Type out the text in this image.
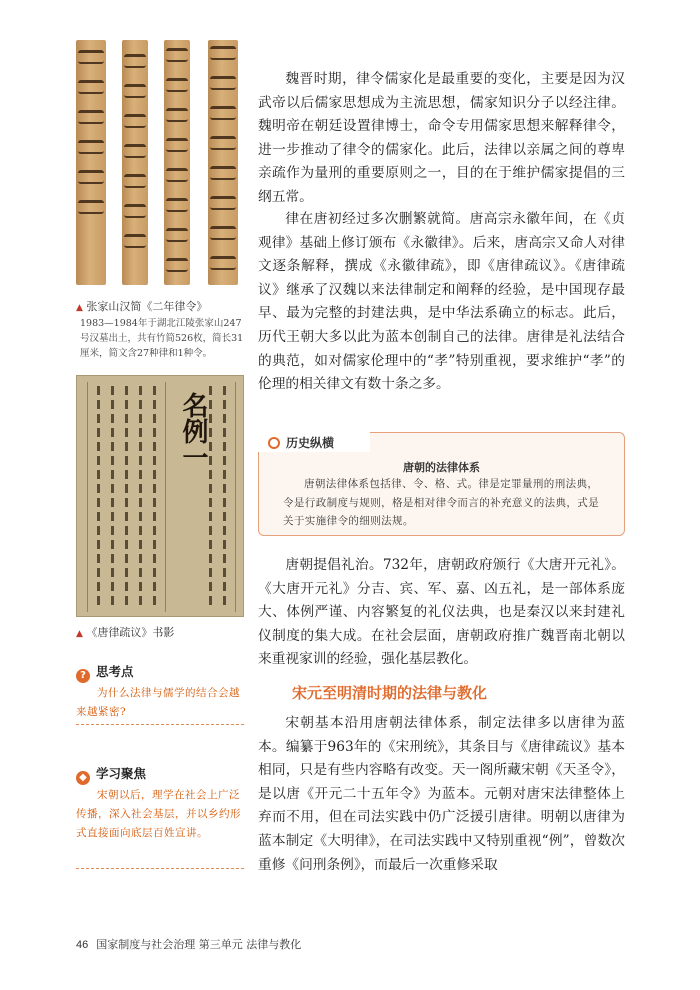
▲ 张家山汉简《二年律令》
1983—1984年于湖北江陵张家山247号汉墓出土，共有竹简526枚，简长31厘米，简文含27种律和1种令。
名例一
▲ 《唐律疏议》书影
? 思考点
为什么法律与儒学的结合会越来越紧密?
◆ 学习聚焦
宋朝以后，理学在社会上广泛传播，深入社会基层，并以乡约形式直接面向底层百姓宣讲。

魏晋时期，律令儒家化是最重要的变化，主要是因为汉武帝以后儒家思想成为主流思想，儒家知识分子以经注律。魏明帝在朝廷设置律博士，命令专用儒家思想来解释律令，进一步推动了律令的儒家化。此后，法律以亲属之间的尊卑亲疏作为量刑的重要原则之一，目的在于维护儒家提倡的三纲五常。

律在唐初经过多次删繁就简。唐高宗永徽年间，在《贞观律》基础上修订颁布《永徽律》。后来，唐高宗又命人对律文逐条解释，撰成《永徽律疏》，即《唐律疏议》。《唐律疏议》继承了汉魏以来法律制定和阐释的经验，是中国现存最早、最为完整的封建法典，是中华法系确立的标志。此后，历代王朝大多以此为蓝本创制自己的法律。唐律是礼法结合的典范，如对儒家伦理中的“孝”特别重视，要求维护“孝”的伦理的相关律文有数十条之多。

历史纵横
唐朝的法律体系
唐朝法律体系包括律、令、格、式。律是定罪量刑的刑法典，令是行政制度与规则，格是相对律令而言的补充意义的法典，式是关于实施律令的细则法规。

唐朝提倡礼治。732年，唐朝政府颁行《大唐开元礼》。《大唐开元礼》分吉、宾、军、嘉、凶五礼，是一部体系庞大、体例严谨、内容繁复的礼仪法典，也是秦汉以来封建礼仪制度的集大成。在社会层面，唐朝政府推广魏晋南北朝以来重视家训的经验，强化基层教化。

宋元至明清时期的法律与教化

宋朝基本沿用唐朝法律体系，制定法律多以唐律为蓝本。编纂于963年的《宋刑统》，其条目与《唐律疏议》基本相同，只是有些内容略有改变。天一阁所藏宋朝《天圣令》，是以唐《开元二十五年令》为蓝本。元朝对唐宋法律整体上弃而不用，但在司法实践中仍广泛援引唐律。明朝以唐律为蓝本制定《大明律》，在司法实践中又特别重视“例”，曾数次重修《问刑条例》，而最后一次重修采取

46 国家制度与社会治理 第三单元 法律与教化
